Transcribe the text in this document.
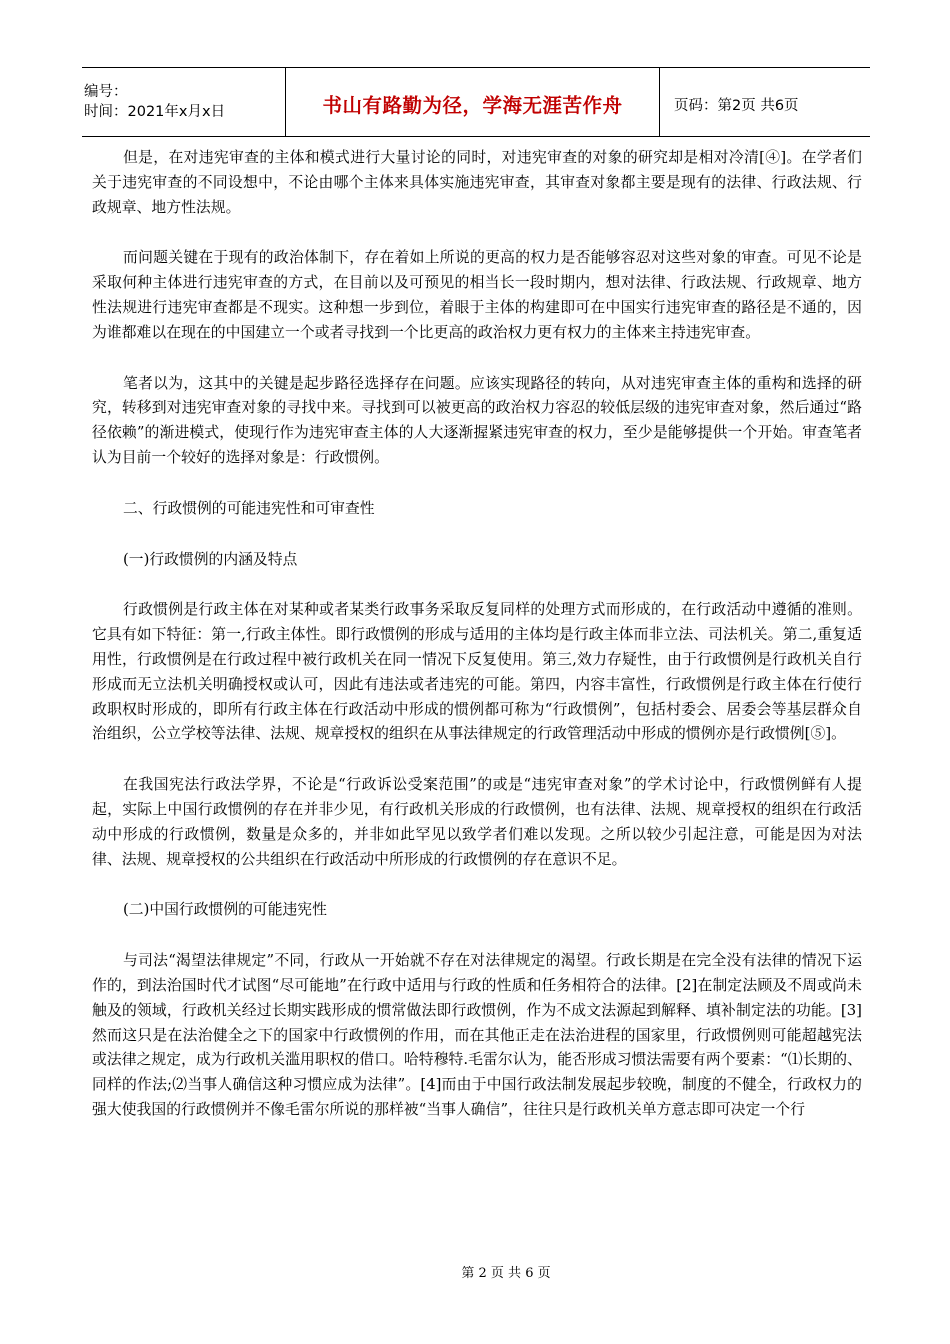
编号：
时间：2021年x月x日	书山有路勤为径，学海无涯苦作舟	页码：第2页 共6页

但是，在对违宪审查的主体和模式进行大量讨论的同时，对违宪审查的对象的研究却是相对冷清[④]。在学者们关于违宪审查的不同设想中，不论由哪个主体来具体实施违宪审查，其审查对象都主要是现有的法律、行政法规、行政规章、地方性法规。

而问题关键在于现有的政治体制下，存在着如上所说的更高的权力是否能够容忍对这些对象的审查。可见不论是采取何种主体进行违宪审查的方式，在目前以及可预见的相当长一段时期内，想对法律、行政法规、行政规章、地方性法规进行违宪审查都是不现实。这种想一步到位，着眼于主体的构建即可在中国实行违宪审查的路径是不通的，因为谁都难以在现在的中国建立一个或者寻找到一个比更高的政治权力更有权力的主体来主持违宪审查。

笔者以为，这其中的关键是起步路径选择存在问题。应该实现路径的转向，从对违宪审查主体的重构和选择的研究，转移到对违宪审查对象的寻找中来。寻找到可以被更高的政治权力容忍的较低层级的违宪审查对象，然后通过“路径依赖”的渐进模式，使现行作为违宪审查主体的人大逐渐握紧违宪审查的权力，至少是能够提供一个开始。审查笔者认为目前一个较好的选择对象是：行政惯例。

二、行政惯例的可能违宪性和可审查性

(一)行政惯例的内涵及特点

行政惯例是行政主体在对某种或者某类行政事务采取反复同样的处理方式而形成的，在行政活动中遵循的准则。它具有如下特征：第一,行政主体性。即行政惯例的形成与适用的主体均是行政主体而非立法、司法机关。第二,重复适用性，行政惯例是在行政过程中被行政机关在同一情况下反复使用。第三,效力存疑性，由于行政惯例是行政机关自行形成而无立法机关明确授权或认可，因此有违法或者违宪的可能。第四，内容丰富性，行政惯例是行政主体在行使行政职权时形成的，即所有行政主体在行政活动中形成的惯例都可称为“行政惯例”，包括村委会、居委会等基层群众自治组织，公立学校等法律、法规、规章授权的组织在从事法律规定的行政管理活动中形成的惯例亦是行政惯例[⑤]。

在我国宪法行政法学界，不论是“行政诉讼受案范围”的或是“违宪审查对象”的学术讨论中，行政惯例鲜有人提起，实际上中国行政惯例的存在并非少见，有行政机关形成的行政惯例，也有法律、法规、规章授权的组织在行政活动中形成的行政惯例，数量是众多的，并非如此罕见以致学者们难以发现。之所以较少引起注意，可能是因为对法律、法规、规章授权的公共组织在行政活动中所形成的行政惯例的存在意识不足。

(二)中国行政惯例的可能违宪性

与司法“渴望法律规定”不同，行政从一开始就不存在对法律规定的渴望。行政长期是在完全没有法律的情况下运作的，到法治国时代才试图“尽可能地”在行政中适用与行政的性质和任务相符合的法律。[2]在制定法顾及不周或尚未触及的领域，行政机关经过长期实践形成的惯常做法即行政惯例，作为不成文法源起到解释、填补制定法的功能。[3]然而这只是在法治健全之下的国家中行政惯例的作用，而在其他正走在法治进程的国家里，行政惯例则可能超越宪法或法律之规定，成为行政机关滥用职权的借口。哈特穆特.毛雷尔认为，能否形成习惯法需要有两个要素：“⑴长期的、同样的作法;⑵当事人确信这种习惯应成为法律”。[4]而由于中国行政法制发展起步较晚，制度的不健全，行政权力的强大使我国的行政惯例并不像毛雷尔所说的那样被“当事人确信”，往往只是行政机关单方意志即可决定一个行

第 2 页 共 6 页
